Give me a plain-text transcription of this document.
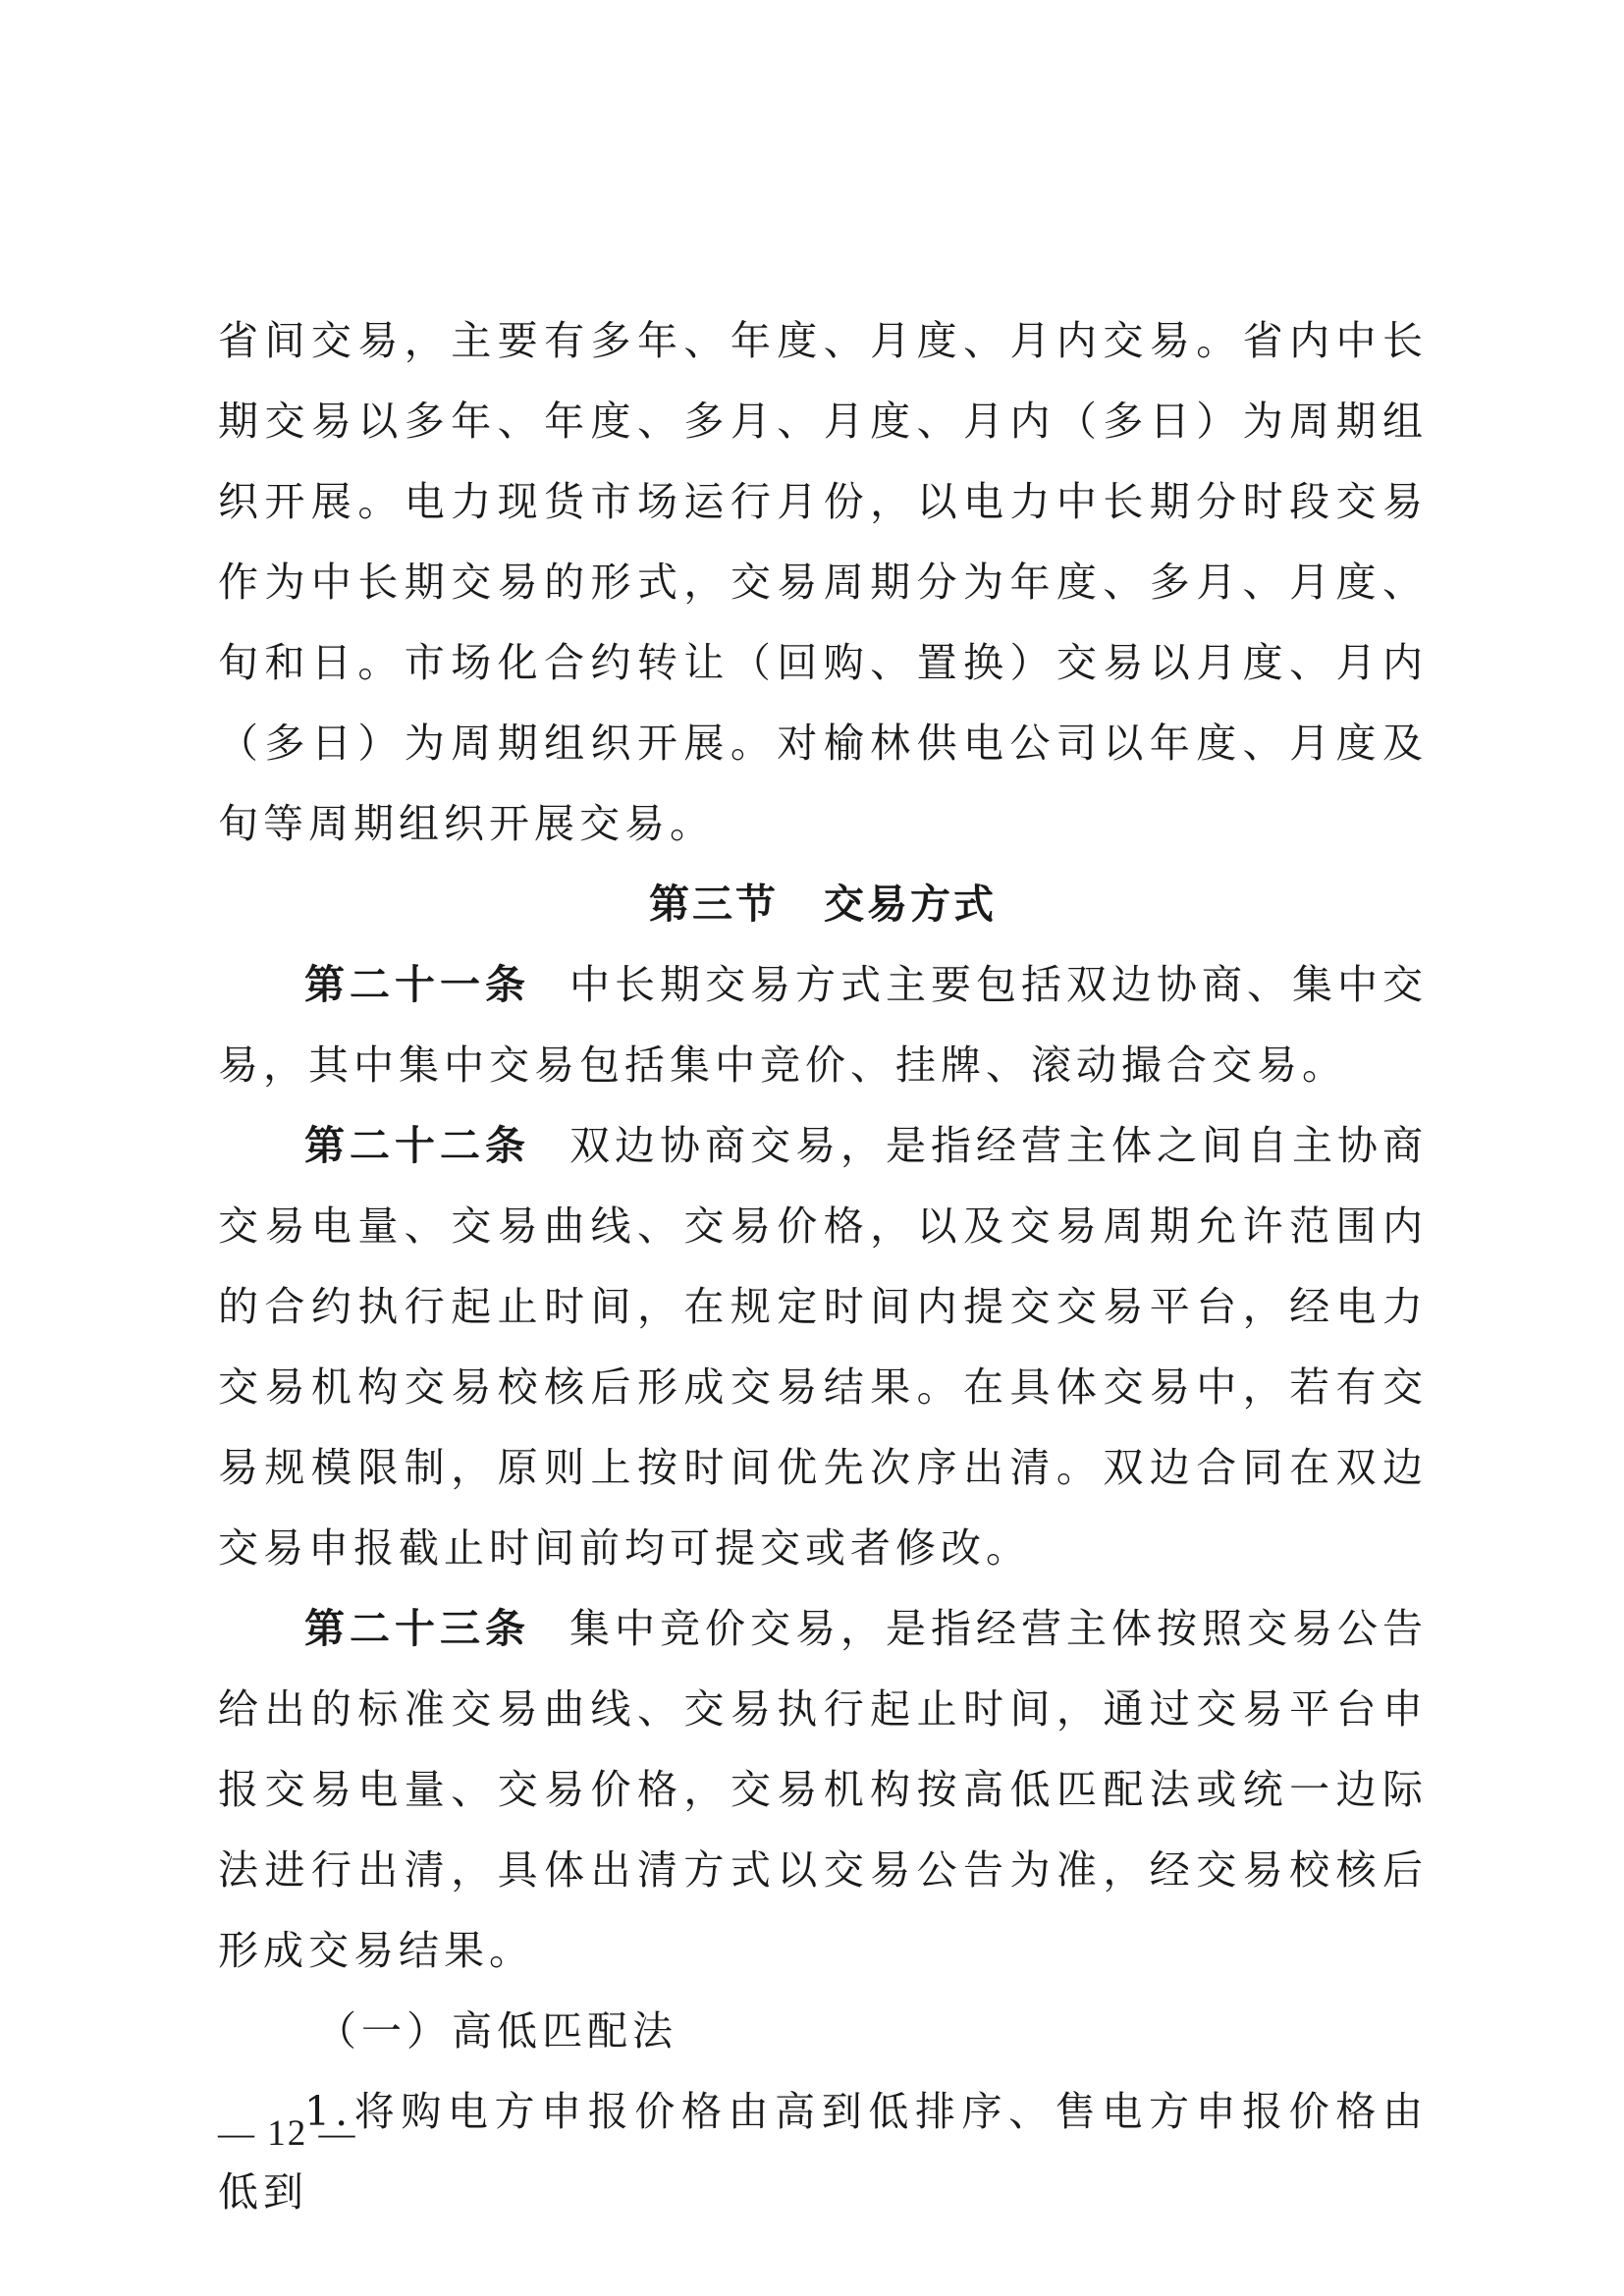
省间交易，主要有多年、年度、月度、月内交易。省内中长期交易以多年、年度、多月、月度、月内（多日）为周期组织开展。电力现货市场运行月份，以电力中长期分时段交易作为中长期交易的形式，交易周期分为年度、多月、月度、旬和日。市场化合约转让（回购、置换）交易以月度、月内（多日）为周期组织开展。对榆林供电公司以年度、月度及旬等周期组织开展交易。

第三节 交易方式

第二十一条 中长期交易方式主要包括双边协商、集中交易，其中集中交易包括集中竞价、挂牌、滚动撮合交易。

第二十二条 双边协商交易，是指经营主体之间自主协商交易电量、交易曲线、交易价格，以及交易周期允许范围内的合约执行起止时间，在规定时间内提交交易平台，经电力交易机构交易校核后形成交易结果。在具体交易中，若有交易规模限制，原则上按时间优先次序出清。双边合同在双边交易申报截止时间前均可提交或者修改。

第二十三条 集中竞价交易，是指经营主体按照交易公告给出的标准交易曲线、交易执行起止时间，通过交易平台申报交易电量、交易价格，交易机构按高低匹配法或统一边际法进行出清，具体出清方式以交易公告为准，经交易校核后形成交易结果。

（一）高低匹配法

1.将购电方申报价格由高到低排序、售电方申报价格由低到

— 12 —
